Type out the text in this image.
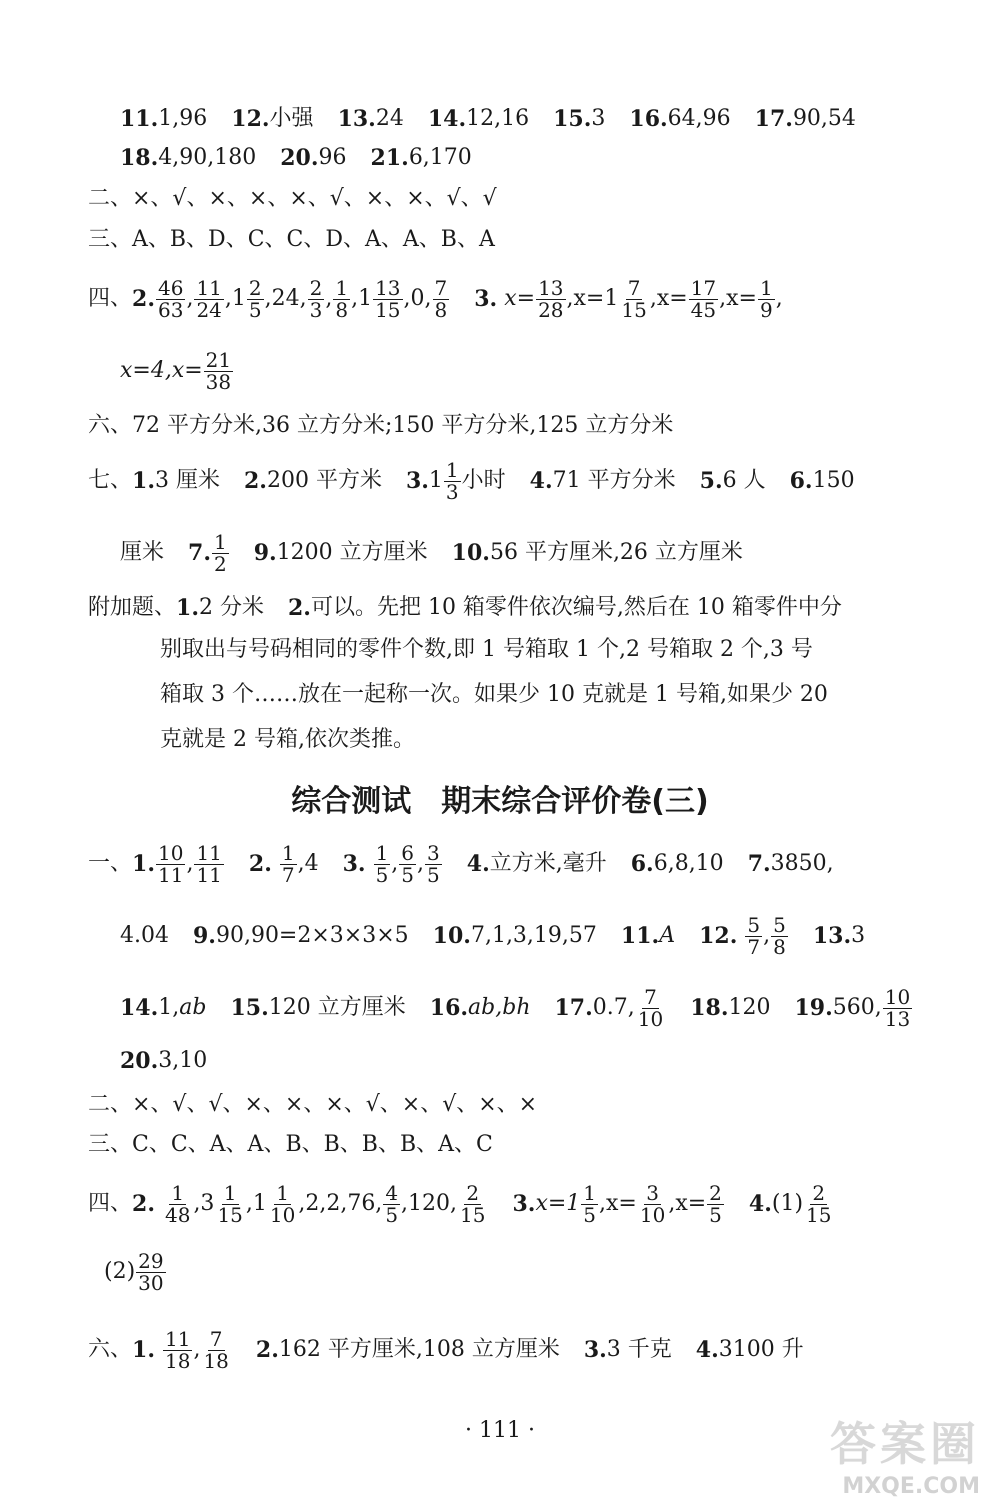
11. 1,96 12. 小强 13. 24 14. 12,16 15. 3 16. 64,96 17. 90,54
18. 4,90,180 20. 96 21. 6,170
二、×、√、×、×、×、√、×、×、√、√
三、A、B、D、C、C、D、A、A、B、A
四、 2. $\frac{46}{63}$ , $\frac{11}{24}$ , $1 \frac{2}{5} ,24$, $\frac{2}{3}$ , $\frac{1}{8}$ , $1 \frac{13}{15} ,0$, $\frac{7}{8} 3$.
$x = \frac{13}{28} ,x=1 \frac{7}{15} ,x= \frac{17}{45} ,x= \frac{1}{9}$ ,
$x=4,x= \frac{21}{38}$
六、72 平方分米,36 立方分米;150 平方分米,125 立方分米
七、 1. 3 厘米 2. 200 平方米 3. $1 \frac{1}{3}$ 小时 4. 71 平方分米 5. 6 人 6. 150
厘米 7. $\frac{1}{2} 9$. 1200 立方厘米 10. 56 平方厘米,26 立方厘米
附加题、 1. 2 分米 2. 可以。先把 10 箱零件依次编号,然后在 10 箱零件中分
别取出与号码相同的零件个数,即 1 号箱取 1 个,2 号箱取 2 个,3 号
箱取 3 个……放在一起称一次。如果少 10 克就是 1 号箱,如果少 20
克就是 2 号箱,依次类推。
综合测试　期末综合评价卷(三)
一、 1. $\frac{10}{11}$ , $\frac{11}{11} 2$.
$\frac{1}{7} ,4$ 3.
$\frac{1}{5}$ , $\frac{6}{5}$ , $\frac{3}{5} 4$. 立方米,毫升 6. 6,8,10 7. 3850,
4.04 9. 90,90=2×3×3×5 10. 7,1,3,19,57 11. A 12.
$\frac{5}{7}$ , $\frac{5}{8} 13$. 3
14. 1, ab 15. 120 立方厘米 16. ab,bh 17. 0.7, $\frac{7}{10} 18$. 120 19. 560, $\frac{10}{13}$
20. 3,10
二、×、√、√、×、×、×、√、×、√、×、×
三、C、C、A、A、B、B、B、B、A、C
四、 2.
$\frac{1}{48} ,3 \frac{1}{15} ,1 \frac{1}{10} ,2,2,76$, $\frac{4}{5} ,120$, $\frac{2}{15} 3$. $x=1 \frac{1}{5} ,x= \frac{3}{10} ,x= \frac{2}{5} 4$. $(1) \frac{2}{15}$
$(2) \frac{29}{30}$
六、 1.
$\frac{11}{18}$ , $\frac{7}{18} 2$. 162 平方厘米,108 立方厘米 3. 3 千克 4. 3100 升
· 111 ·	答案圈
MXQE.COM
